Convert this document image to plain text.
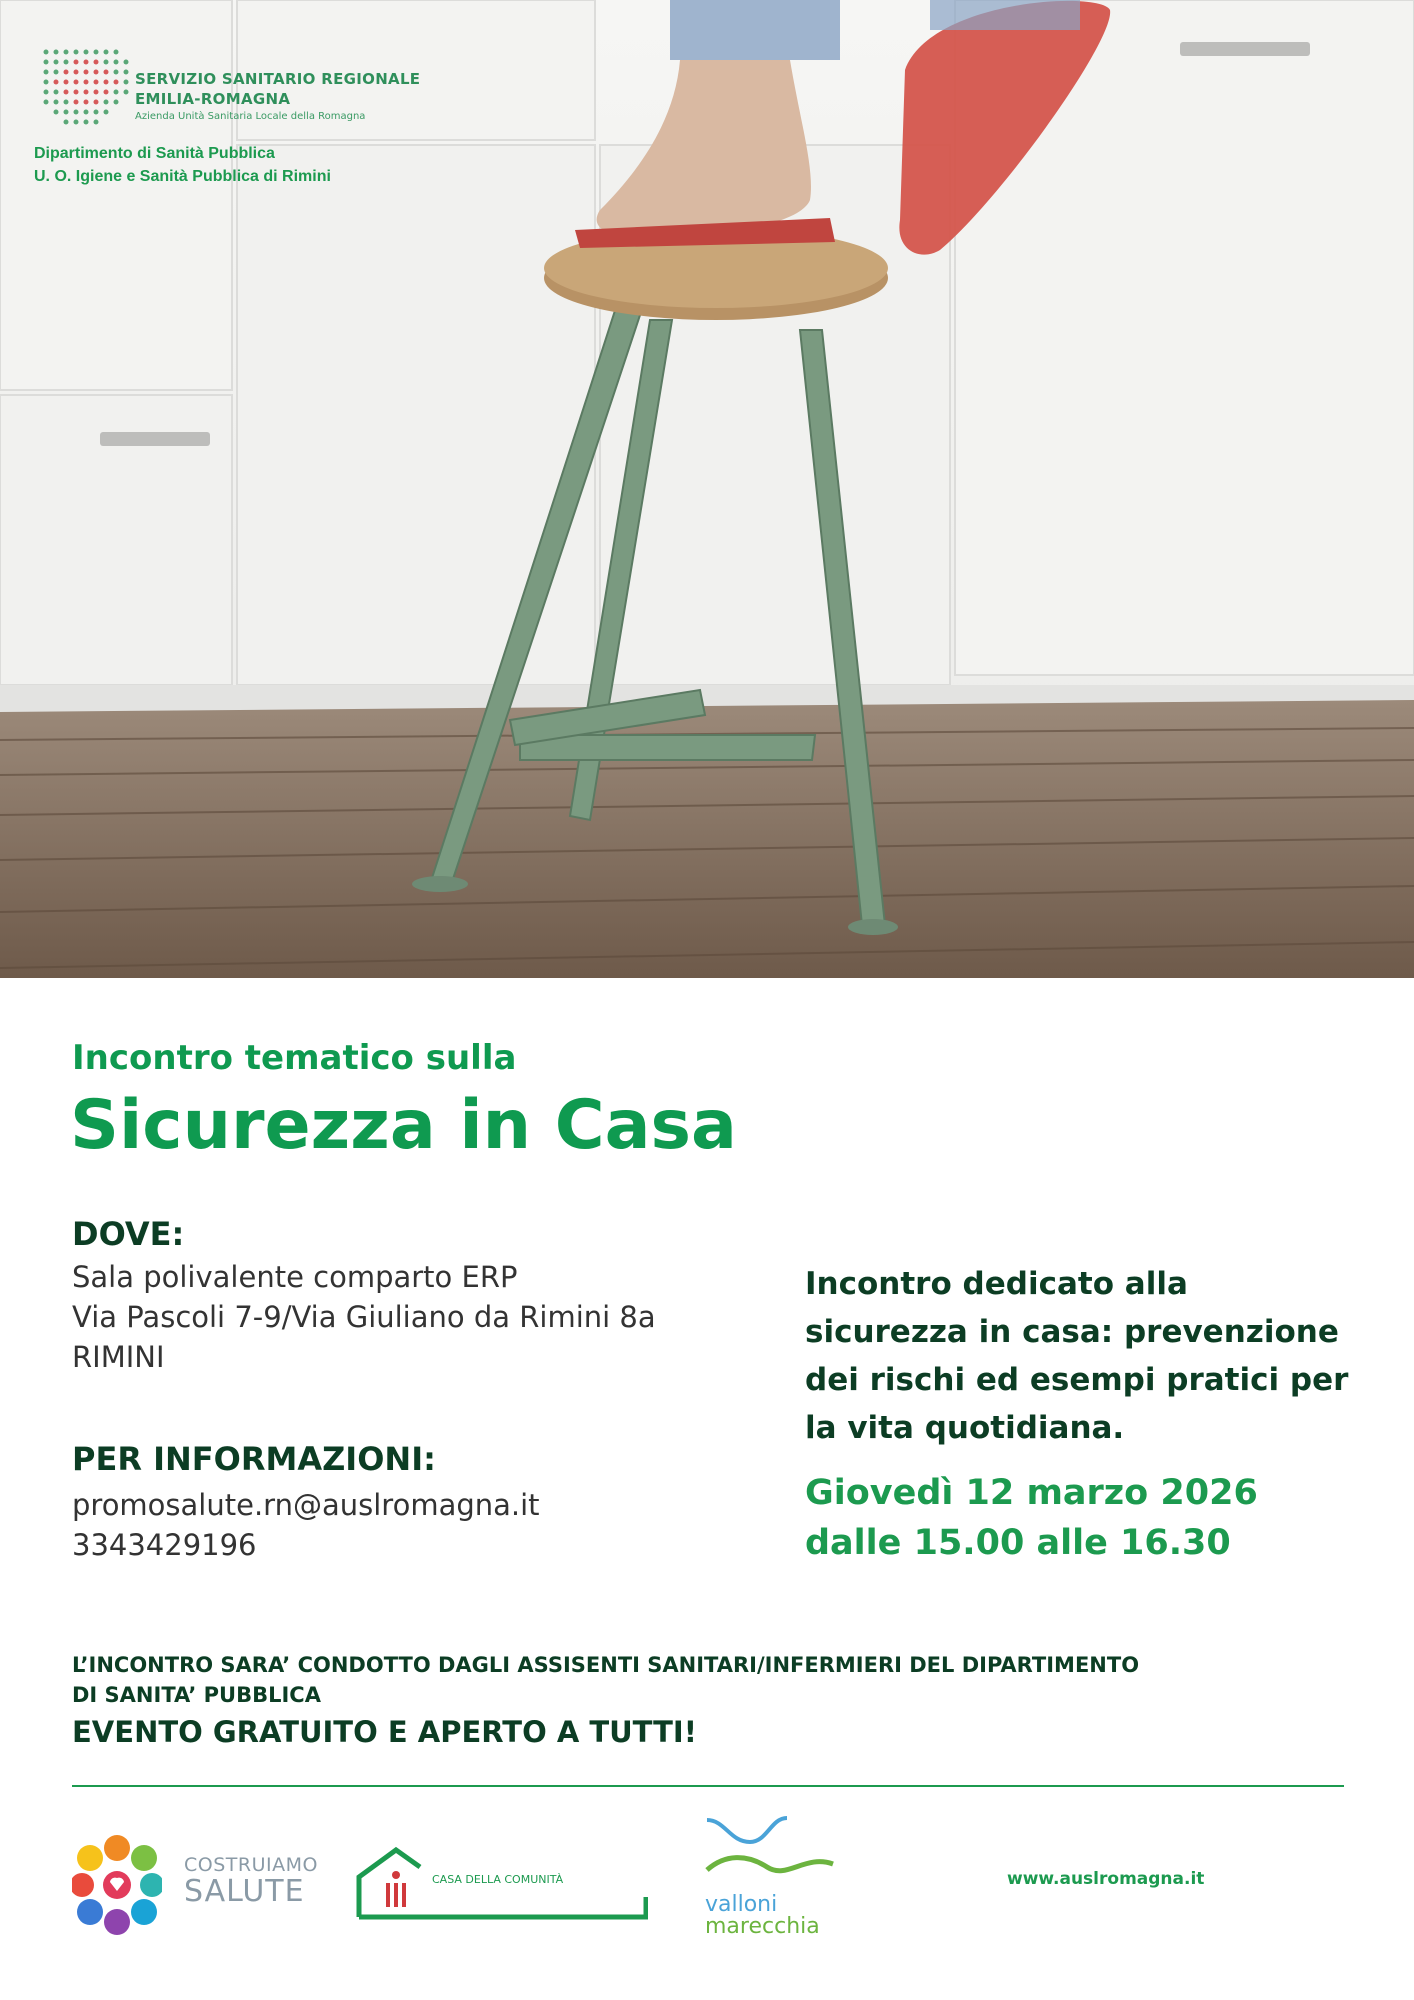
SERVIZIO SANITARIO REGIONALE
EMILIA-ROMAGNA
Azienda Unità Sanitaria Locale della Romagna
Dipartimento di Sanità Pubblica
U. O. Igiene e Sanità Pubblica di Rimini
Incontro tematico sulla
Sicurezza in Casa
DOVE:
Sala polivalente comparto ERP
Via Pascoli 7-9/Via Giuliano da Rimini 8a
RIMINI
PER INFORMAZIONI:
promosalute.rn@auslromagna.it
3343429196
Incontro dedicato alla
sicurezza in casa: prevenzione
dei rischi ed esempi pratici per
la vita quotidiana.
Giovedì 12 marzo 2026
dalle 15.00 alle 16.30
L’INCONTRO SARA’ CONDOTTO DAGLI ASSISENTI SANITARI/INFERMIERI DEL DIPARTIMENTO
DI SANITA’ PUBBLICA
EVENTO GRATUITO E APERTO A TUTTI!
COSTRUIAMO
SALUTE	CASA DELLA COMUNITÀ
valloni
marecchia
www.auslromagna.it
